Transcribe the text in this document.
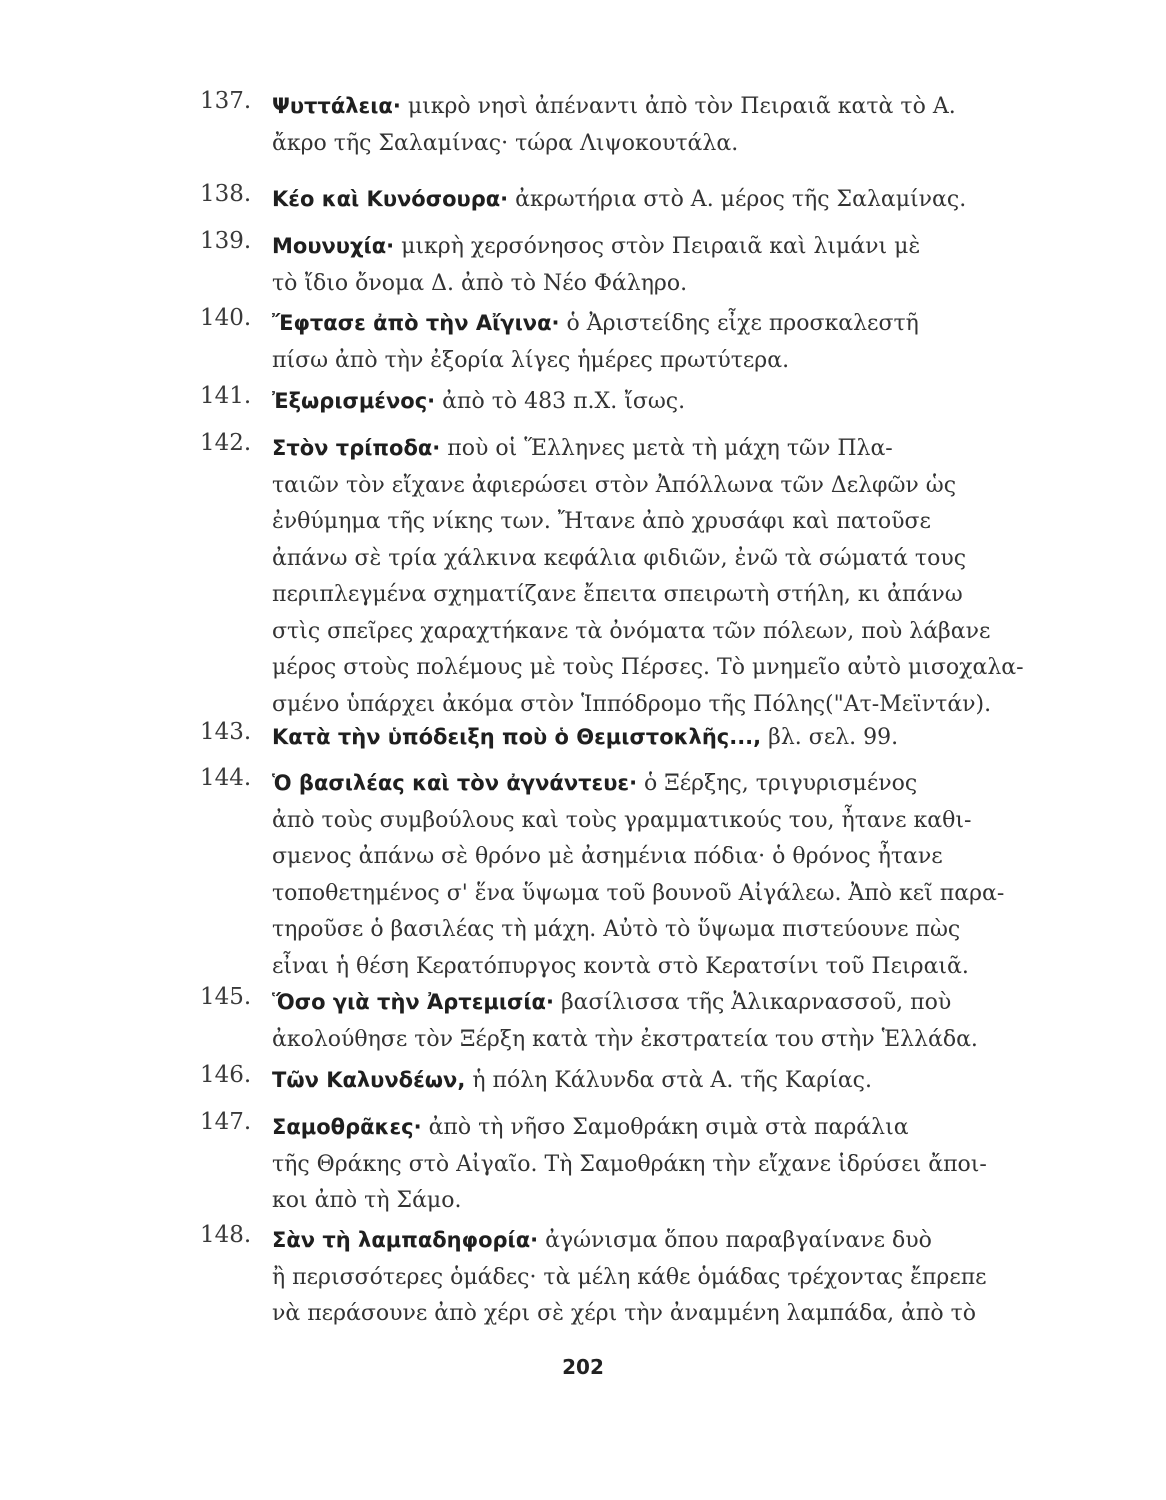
137. Ψυττάλεια· μικρὸ νησὶ ἀπέναντι ἀπὸ τὸν Πειραιᾶ κατὰ τὸ Α.
ἄκρο τῆς Σαλαμίνας· τώρα Λιψοκουτάλα.
138. Κέο καὶ Κυνόσουρα· ἀκρωτήρια στὸ Α. μέρος τῆς Σαλαμίνας.
139. Μουνυχία· μικρὴ χερσόνησος στὸν Πειραιᾶ καὶ λιμάνι μὲ
τὸ ἴδιο ὄνομα Δ. ἀπὸ τὸ Νέο Φάληρο.
140. Ἔφτασε ἀπὸ τὴν Αἴγινα· ὁ Ἀριστείδης εἶχε προσκαλεστῆ
πίσω ἀπὸ τὴν ἐξορία λίγες ἡμέρες πρωτύτερα.
141. Ἐξωρισμένος· ἀπὸ τὸ 483 π.Χ. ἴσως.
142. Στὸν τρίποδα· ποὺ οἱ Ἕλληνες μετὰ τὴ μάχη τῶν Πλα-
ταιῶν τὸν εἴχανε ἀφιερώσει στὸν Ἀπόλλωνα τῶν Δελφῶν ὡς
ἐνθύμημα τῆς νίκης των. Ἤτανε ἀπὸ χρυσάφι καὶ πατοῦσε
ἀπάνω σὲ τρία χάλκινα κεφάλια φιδιῶν, ἐνῶ τὰ σώματά τους
περιπλεγμένα σχηματίζανε ἔπειτα σπειρωτὴ στήλη, κι ἀπάνω
στὶς σπεῖρες χαραχτήκανε τὰ ὀνόματα τῶν πόλεων, ποὺ λάβανε
μέρος στοὺς πολέμους μὲ τοὺς Πέρσες. Τὸ μνημεῖο αὐτὸ μισοχαλα-
σμένο ὑπάρχει ἀκόμα στὸν Ἱππόδρομο τῆς Πόλης("Ατ-Μεϊντάν).
143. Κατὰ τὴν ὑπόδειξη ποὺ ὁ Θεμιστοκλῆς..., βλ. σελ. 99.
144. Ὁ βασιλέας καὶ τὸν ἀγνάντευε· ὁ Ξέρξης, τριγυρισμένος
ἀπὸ τοὺς συμβούλους καὶ τοὺς γραμματικούς του, ἦτανε καθι-
σμενος ἀπάνω σὲ θρόνο μὲ ἀσημένια πόδια· ὁ θρόνος ἦτανε
τοποθετημένος σ' ἕνα ὕψωμα τοῦ βουνοῦ Αἰγάλεω. Ἀπὸ κεῖ παρα-
τηροῦσε ὁ βασιλέας τὴ μάχη. Αὐτὸ τὸ ὕψωμα πιστεύουνε πὼς
εἶναι ἡ θέση Κερατόπυργος κοντὰ στὸ Κερατσίνι τοῦ Πειραιᾶ.
145. Ὅσο γιὰ τὴν Ἀρτεμισία· βασίλισσα τῆς Ἁλικαρνασσοῦ, ποὺ
ἀκολούθησε τὸν Ξέρξη κατὰ τὴν ἐκστρατεία του στὴν Ἑλλάδα.
146. Τῶν Καλυνδέων, ἡ πόλη Κάλυνδα στὰ Α. τῆς Καρίας.
147. Σαμοθρᾶκες· ἀπὸ τὴ νῆσο Σαμοθράκη σιμὰ στὰ παράλια
τῆς Θράκης στὸ Αἰγαῖο. Τὴ Σαμοθράκη τὴν εἴχανε ἱδρύσει ἄποι-
κοι ἀπὸ τὴ Σάμο.
148. Σὰν τὴ λαμπαδηφορία· ἀγώνισμα ὅπου παραβγαίνανε δυὸ
ἢ περισσότερες ὁμάδες· τὰ μέλη κάθε ὁμάδας τρέχοντας ἔπρεπε
νὰ περάσουνε ἀπὸ χέρι σὲ χέρι τὴν ἀναμμένη λαμπάδα, ἀπὸ τὸ
202
